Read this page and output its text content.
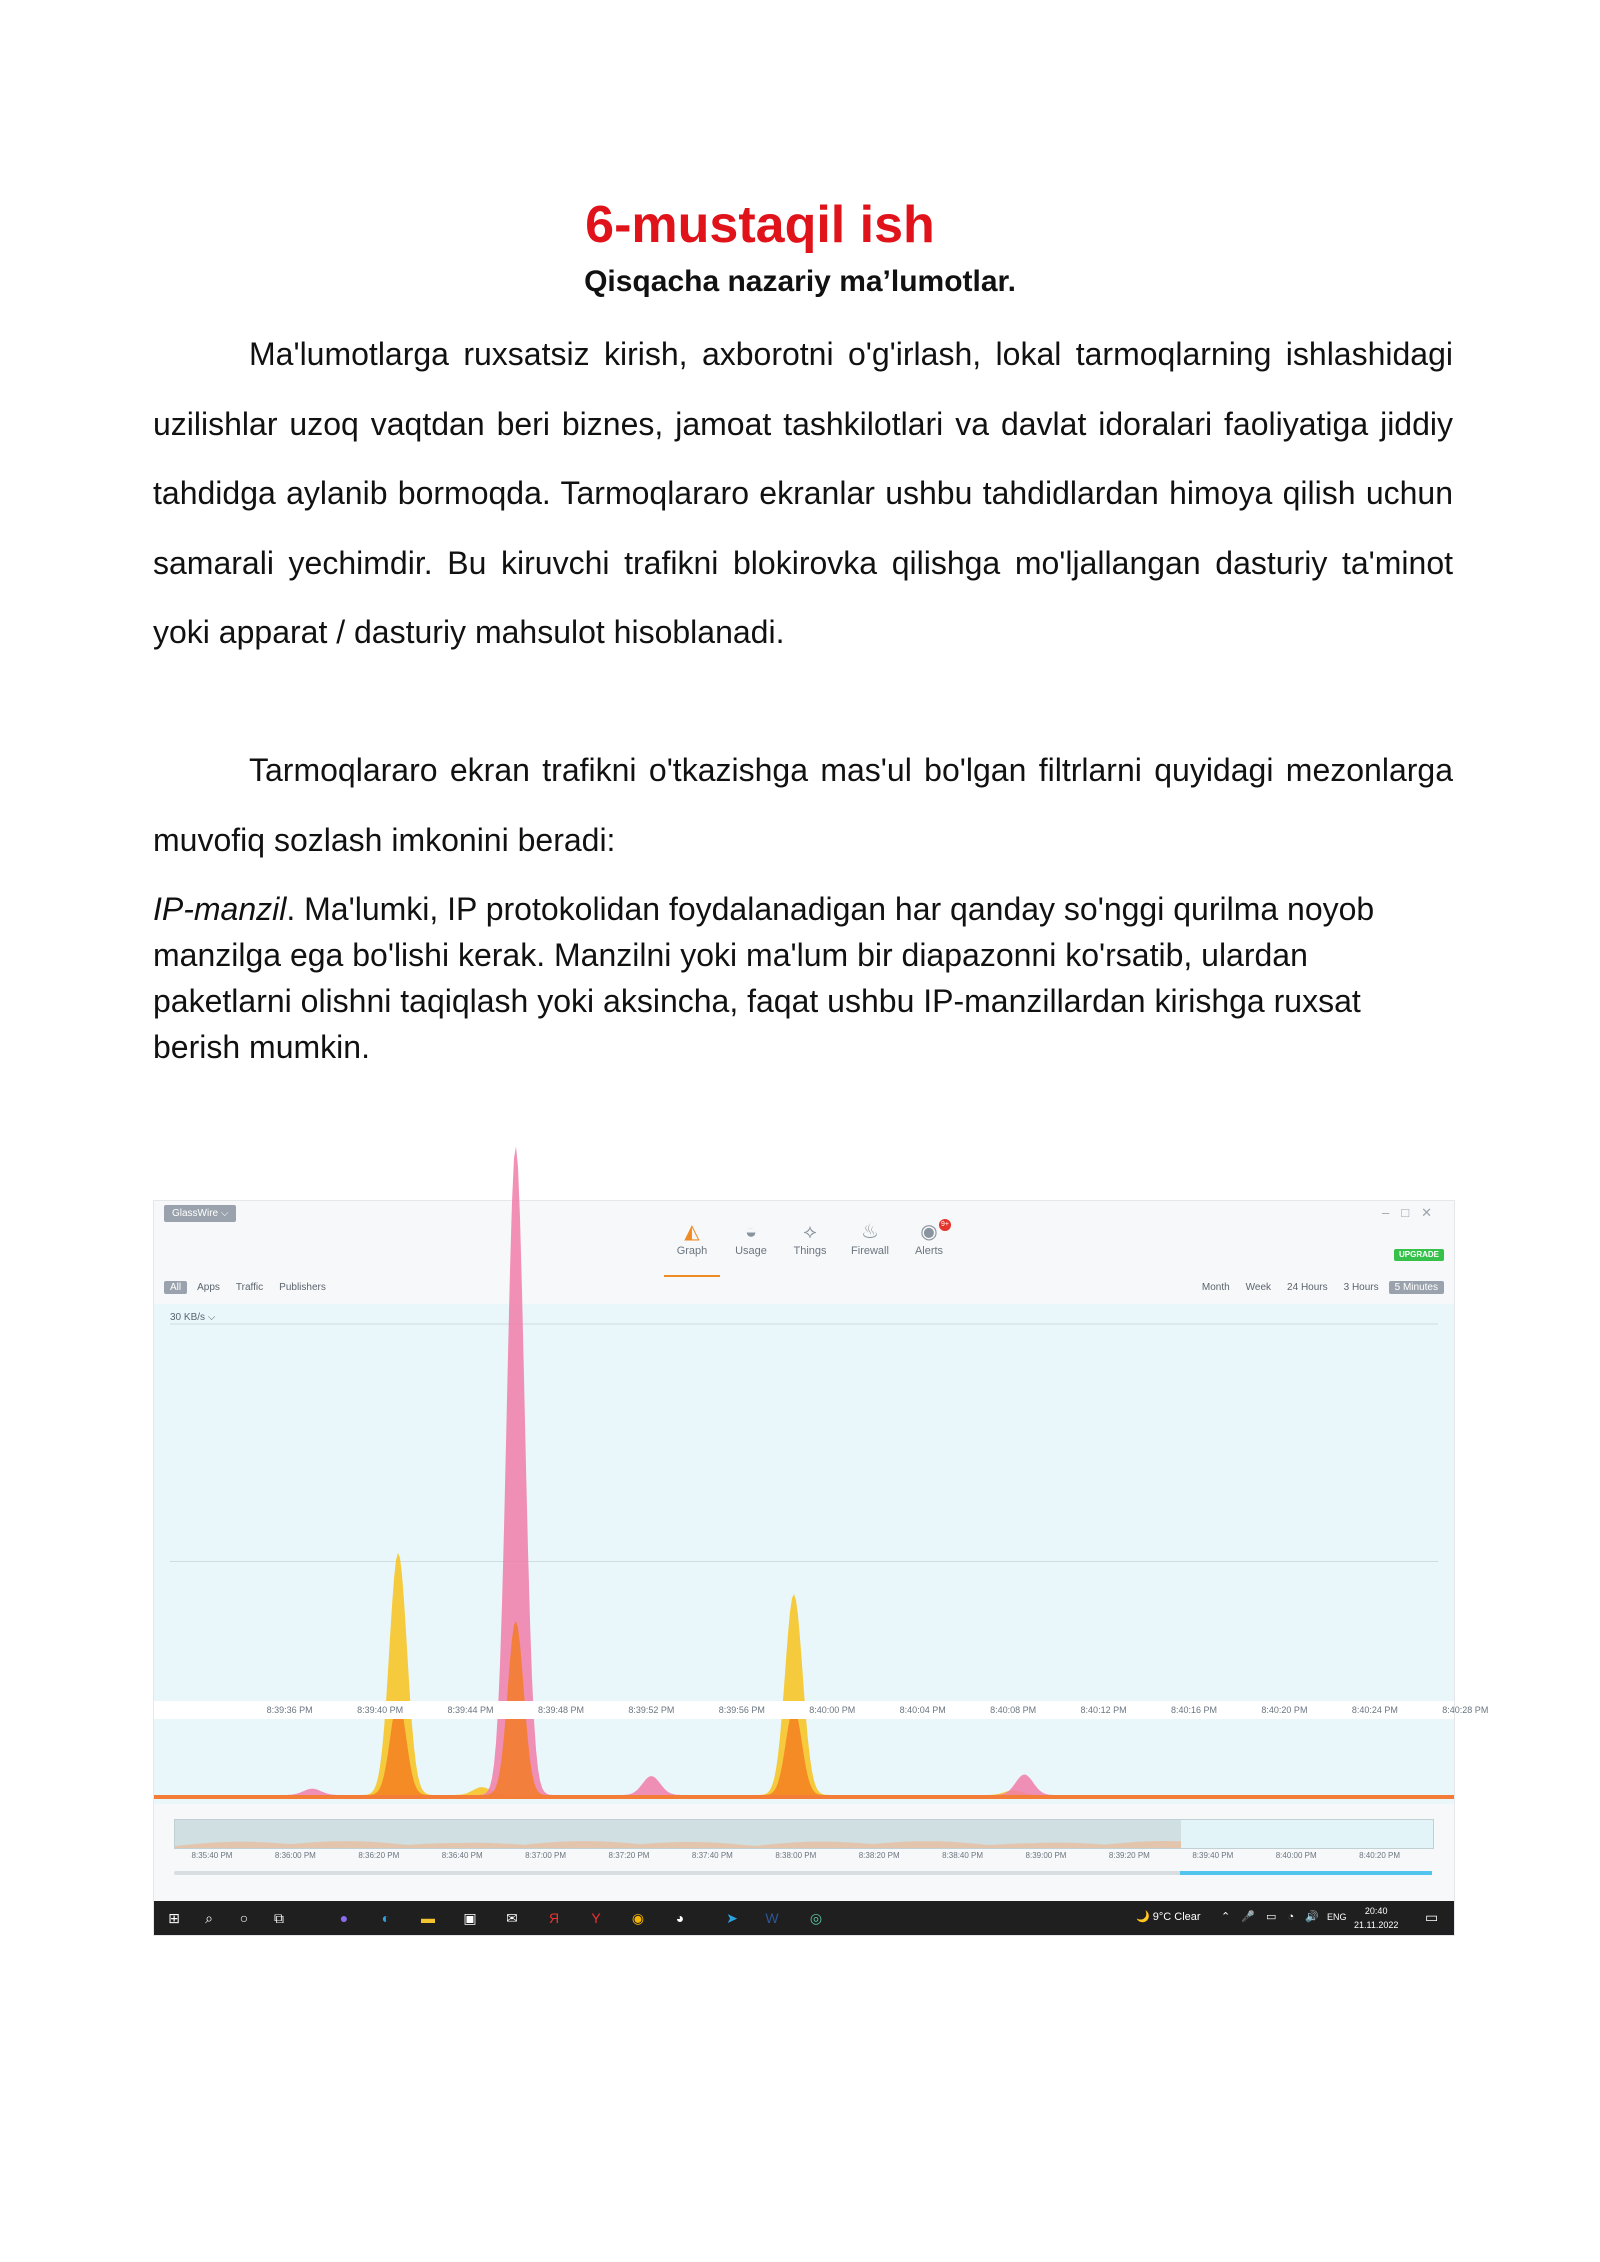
6-mustaqil ish
Qisqacha nazariy ma’lumotlar.

Ma'lumotlarga ruxsatsiz kirish, axborotni o'g'irlash, lokal tarmoqlarning ishlashidagi uzilishlar uzoq vaqtdan beri biznes, jamoat tashkilotlari va davlat idoralari faoliyatiga jiddiy tahdidga aylanib bormoqda. Tarmoqlararo ekranlar ushbu tahdidlardan himoya qilish uchun samarali yechimdir. Bu kiruvchi trafikni blokirovka qilishga mo'ljallangan dasturiy ta'minot yoki apparat / dasturiy mahsulot hisoblanadi.

Tarmoqlararo ekran trafikni o'tkazishga mas'ul bo'lgan filtrlarni quyidagi mezonlarga muvofiq sozlash imkonini beradi:

IP-manzil. Ma'lumki, IP protokolidan foydalanadigan har qanday so'nggi qurilma noyob manzilga ega bo'lishi kerak. Manzilni yoki ma'lum bir diapazonni ko'rsatib, ulardan paketlarni olishni taqiqlash yoki aksincha, faqat ushbu IP-manzillardan kirishga ruxsat berish mumkin.

GlassWire ⌵	–□✕
◭
Graph
◒
Usage
⟡
Things
♨
Firewall
◉
Alerts
9+
UPGRADE
All Apps Traffic Publishers	Month Week 24 Hours 3 Hours 5 Minutes
30 KB/s ⌵
8:39:36 PM	8:39:40 PM	8:39:44 PM	8:39:48 PM	8:39:52 PM	8:39:56 PM	8:40:00 PM	8:40:04 PM	8:40:08 PM	8:40:12 PM	8:40:16 PM	8:40:20 PM	8:40:24 PM	8:40:28 PM
8:35:40 PM	8:36:00 PM	8:36:20 PM	8:36:40 PM	8:37:00 PM	8:37:20 PM	8:37:40 PM	8:38:00 PM	8:38:20 PM	8:38:40 PM	8:39:00 PM	8:39:20 PM	8:39:40 PM	8:40:00 PM	8:40:20 PM
🌙 9°C Clear ⌃ 🎤 ▭ ◔ 🔊 ENG
20:40
21.11.2022 ▭
⊞	⌕	○	⧉	●	◐	▬ ▣ ✉	Я	Y	◉	◕	➤ W ◎
